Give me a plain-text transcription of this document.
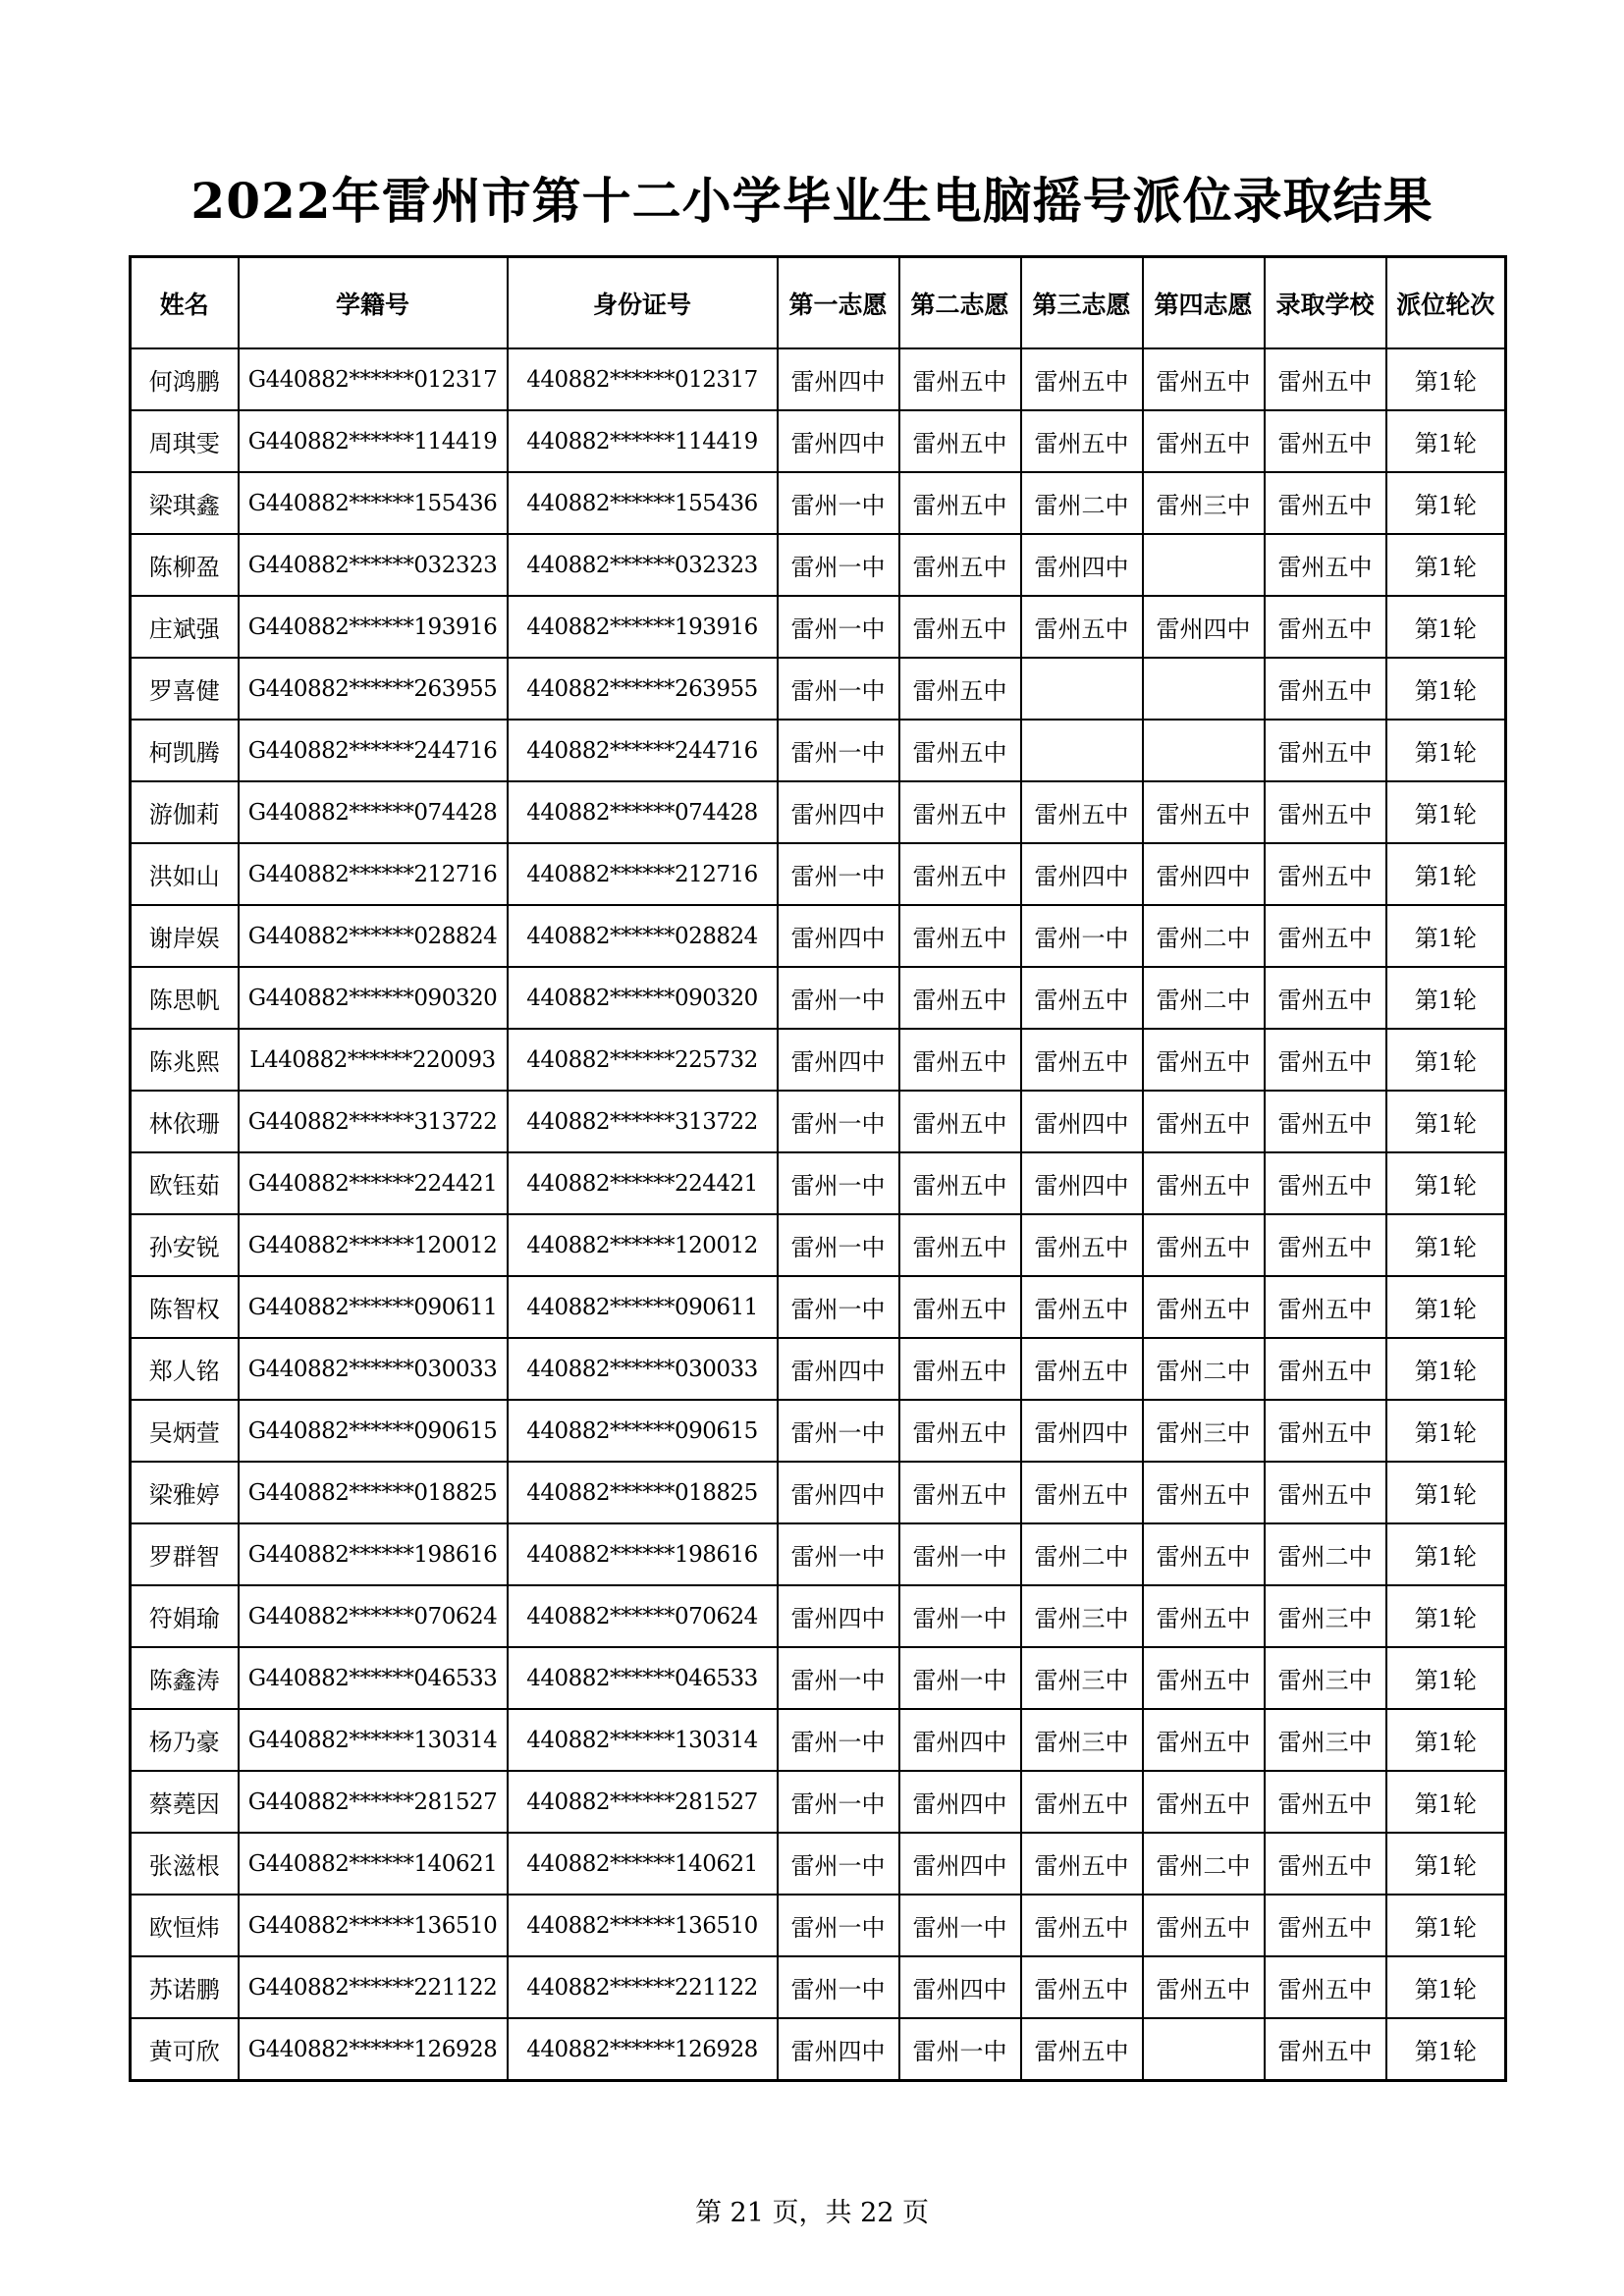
2022年雷州市第十二小学毕业生电脑摇号派位录取结果
姓名	学籍号	身份证号	第一志愿	第二志愿	第三志愿	第四志愿	录取学校	派位轮次
何鸿鹏	G440882******012317	440882******012317	雷州四中	雷州五中	雷州五中	雷州五中	雷州五中	第1轮
周琪雯	G440882******114419	440882******114419	雷州四中	雷州五中	雷州五中	雷州五中	雷州五中	第1轮
梁琪鑫	G440882******155436	440882******155436	雷州一中	雷州五中	雷州二中	雷州三中	雷州五中	第1轮
陈柳盈	G440882******032323	440882******032323	雷州一中	雷州五中	雷州四中		雷州五中	第1轮
庄斌强	G440882******193916	440882******193916	雷州一中	雷州五中	雷州五中	雷州四中	雷州五中	第1轮
罗喜健	G440882******263955	440882******263955	雷州一中	雷州五中			雷州五中	第1轮
柯凯腾	G440882******244716	440882******244716	雷州一中	雷州五中			雷州五中	第1轮
游伽莉	G440882******074428	440882******074428	雷州四中	雷州五中	雷州五中	雷州五中	雷州五中	第1轮
洪如山	G440882******212716	440882******212716	雷州一中	雷州五中	雷州四中	雷州四中	雷州五中	第1轮
谢岸娱	G440882******028824	440882******028824	雷州四中	雷州五中	雷州一中	雷州二中	雷州五中	第1轮
陈思帆	G440882******090320	440882******090320	雷州一中	雷州五中	雷州五中	雷州二中	雷州五中	第1轮
陈兆熙	L440882******220093	440882******225732	雷州四中	雷州五中	雷州五中	雷州五中	雷州五中	第1轮
林依珊	G440882******313722	440882******313722	雷州一中	雷州五中	雷州四中	雷州五中	雷州五中	第1轮
欧钰茹	G440882******224421	440882******224421	雷州一中	雷州五中	雷州四中	雷州五中	雷州五中	第1轮
孙安锐	G440882******120012	440882******120012	雷州一中	雷州五中	雷州五中	雷州五中	雷州五中	第1轮
陈智权	G440882******090611	440882******090611	雷州一中	雷州五中	雷州五中	雷州五中	雷州五中	第1轮
郑人铭	G440882******030033	440882******030033	雷州四中	雷州五中	雷州五中	雷州二中	雷州五中	第1轮
吴炳萱	G440882******090615	440882******090615	雷州一中	雷州五中	雷州四中	雷州三中	雷州五中	第1轮
梁雅婷	G440882******018825	440882******018825	雷州四中	雷州五中	雷州五中	雷州五中	雷州五中	第1轮
罗群智	G440882******198616	440882******198616	雷州一中	雷州一中	雷州二中	雷州五中	雷州二中	第1轮
符娟瑜	G440882******070624	440882******070624	雷州四中	雷州一中	雷州三中	雷州五中	雷州三中	第1轮
陈鑫涛	G440882******046533	440882******046533	雷州一中	雷州一中	雷州三中	雷州五中	雷州三中	第1轮
杨乃豪	G440882******130314	440882******130314	雷州一中	雷州四中	雷州三中	雷州五中	雷州三中	第1轮
蔡蕘因	G440882******281527	440882******281527	雷州一中	雷州四中	雷州五中	雷州五中	雷州五中	第1轮
张滋根	G440882******140621	440882******140621	雷州一中	雷州四中	雷州五中	雷州二中	雷州五中	第1轮
欧恒炜	G440882******136510	440882******136510	雷州一中	雷州一中	雷州五中	雷州五中	雷州五中	第1轮
苏诺鹏	G440882******221122	440882******221122	雷州一中	雷州四中	雷州五中	雷州五中	雷州五中	第1轮
黄可欣	G440882******126928	440882******126928	雷州四中	雷州一中	雷州五中		雷州五中	第1轮
第 21 页，共 22 页
